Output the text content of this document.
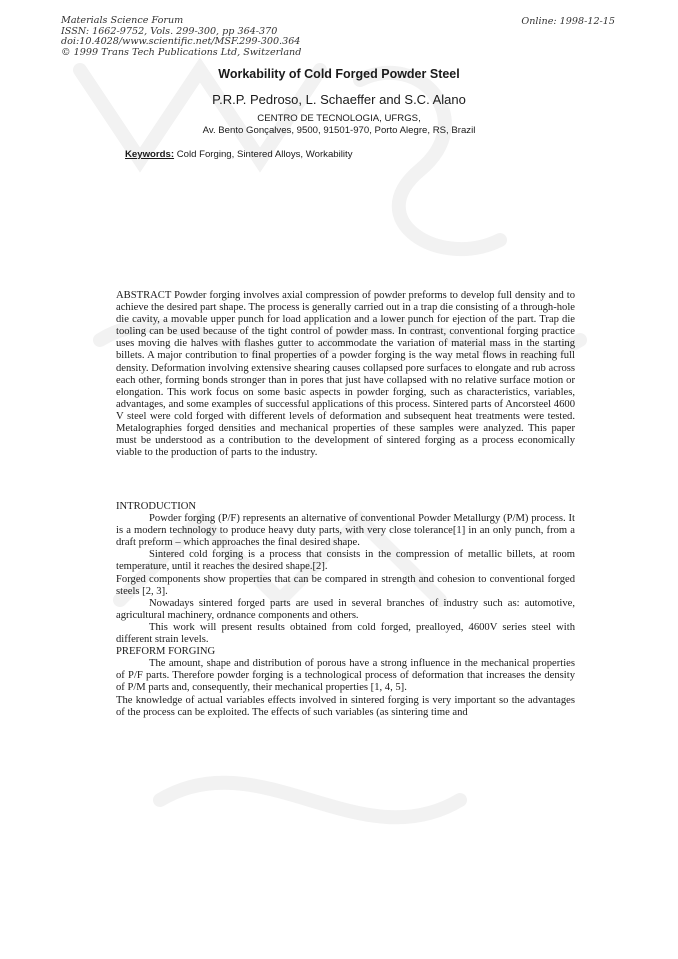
Materials Science Forum
ISSN: 1662-9752, Vols. 299-300, pp 364-370
doi:10.4028/www.scientific.net/MSF.299-300.364
© 1999 Trans Tech Publications Ltd, Switzerland
Online: 1998-12-15
Workability of Cold Forged Powder Steel
P.R.P. Pedroso, L. Schaeffer and S.C. Alano
CENTRO DE TECNOLOGIA, UFRGS,
Av. Bento Gonçalves, 9500, 91501-970, Porto Alegre, RS, Brazil
Keywords: Cold Forging, Sintered Alloys, Workability

ABSTRACT Powder forging involves axial compression of powder preforms to develop full density and to achieve the desired part shape. The process is generally carried out in a trap die consisting of a through-hole die cavity, a movable upper punch for load application and a lower punch for ejection of the part. Trap die tooling can be used because of the tight control of powder mass. In contrast, conventional forging practice uses moving die halves with flashes gutter to accommodate the variation of material mass in the starting billets. A major contribution to final properties of a powder forging is the way metal flows in reaching full density. Deformation involving extensive shearing causes collapsed pore surfaces to elongate and rub across each other, forming bonds stronger than in pores that just have collapsed with no relative surface motion or elongation. This work focus on some basic aspects in powder forging, such as characteristics, variables, advantages, and some examples of successful applications of this process. Sintered parts of Ancorsteel 4600 V steel were cold forged with different levels of deformation and subsequent heat treatments were tested. Metalographies forged densities and mechanical properties of these samples were analyzed. This paper must be understood as a contribution to the development of sintered forging as a process economically viable to the production of parts to the industry.

INTRODUCTION

Powder forging (P/F) represents an alternative of conventional Powder Metallurgy (P/M) process. It is a modern technology to produce heavy duty parts, with very close tolerance[1] in an only punch, from a draft preform – which approaches the final desired shape.

Sintered cold forging is a process that consists in the compression of metallic billets, at room temperature, until it reaches the desired shape.[2].

Forged components show properties that can be compared in strength and cohesion to conventional forged steels [2, 3].

Nowadays sintered forged parts are used in several branches of industry such as: automotive, agricultural machinery, ordnance components and others.

This work will present results obtained from cold forged, prealloyed, 4600V series steel with different strain levels.

PREFORM FORGING

The amount, shape and distribution of porous have a strong influence in the mechanical properties of P/F parts. Therefore powder forging is a technological process of deformation that increases the density of P/M parts and, consequently, their mechanical properties [1, 4, 5].

The knowledge of actual variables effects involved in sintered forging is very important so the advantages of the process can be exploited. The effects of such variables (as sintering time and
